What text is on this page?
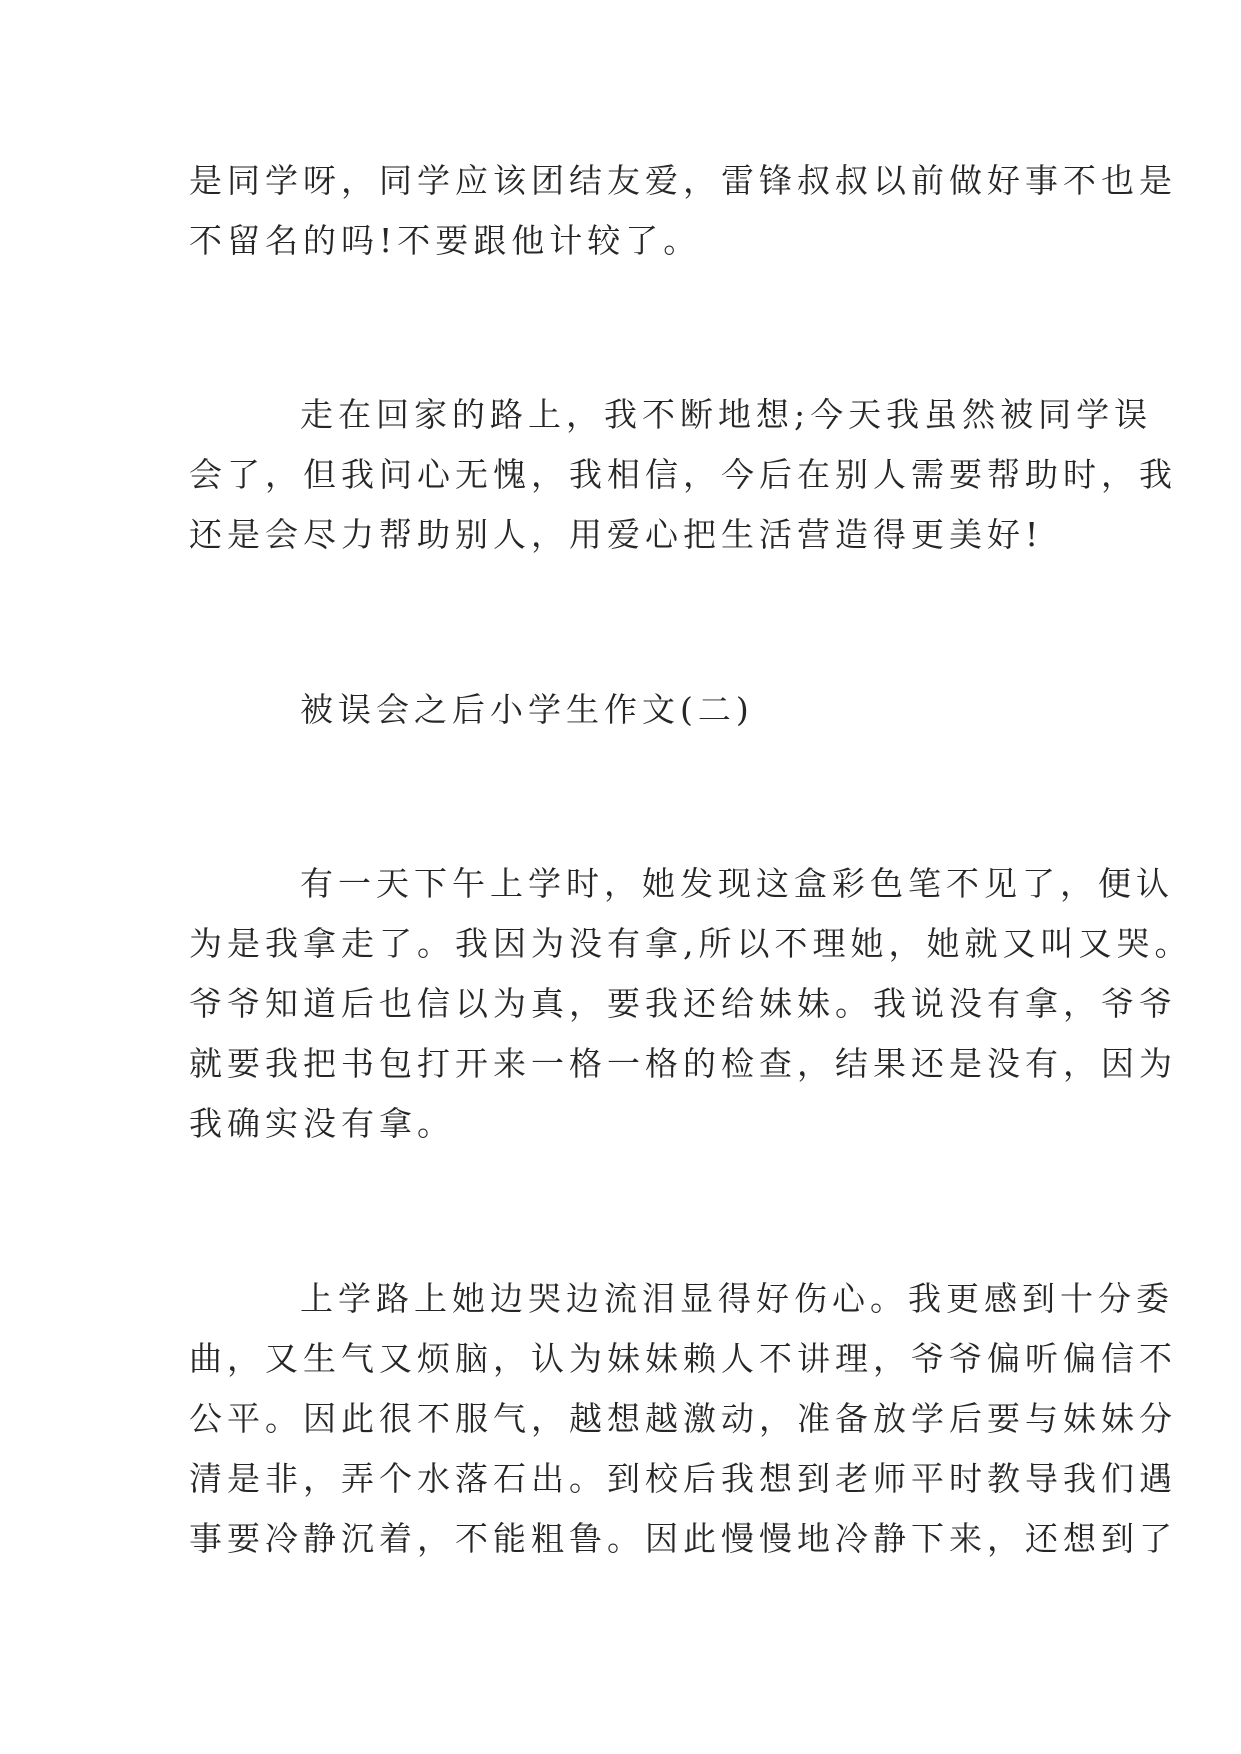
是同学呀，同学应该团结友爱，雷锋叔叔以前做好事不也是

不留名的吗!不要跟他计较了。

走在回家的路上，我不断地想;今天我虽然被同学误

会了，但我问心无愧，我相信，今后在别人需要帮助时，我

还是会尽力帮助别人，用爱心把生活营造得更美好!

被误会之后小学生作文(二)

有一天下午上学时，她发现这盒彩色笔不见了，便认

为是我拿走了。我因为没有拿,所以不理她，她就又叫又哭。

爷爷知道后也信以为真，要我还给妹妹。我说没有拿，爷爷

就要我把书包打开来一格一格的检查，结果还是没有，因为

我确实没有拿。

上学路上她边哭边流泪显得好伤心。我更感到十分委

曲，又生气又烦脑，认为妹妹赖人不讲理，爷爷偏听偏信不

公平。因此很不服气，越想越激动，准备放学后要与妹妹分

清是非，弄个水落石出。到校后我想到老师平时教导我们遇

事要冷静沉着，不能粗鲁。因此慢慢地冷静下来，还想到了
